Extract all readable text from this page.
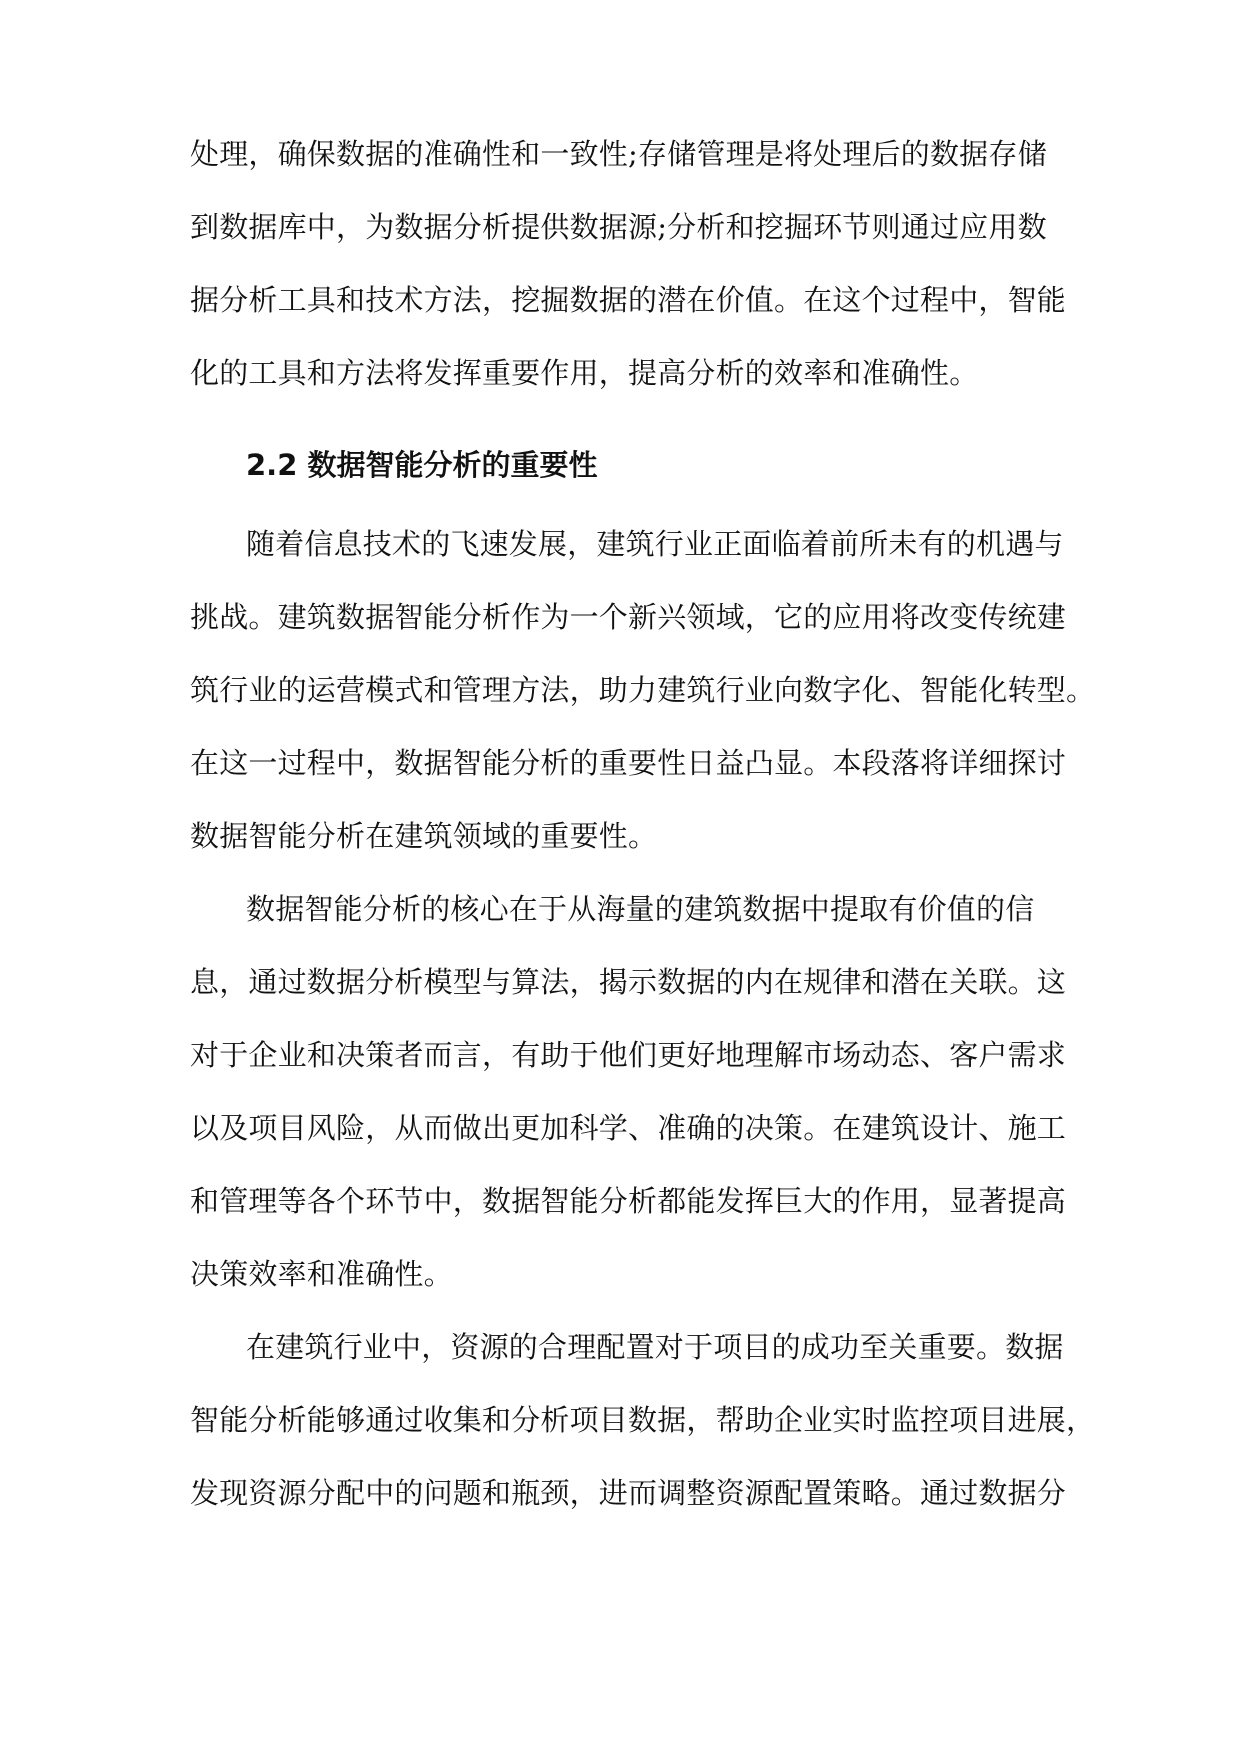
处理，确保数据的准确性和一致性;存储管理是将处理后的数据存储
到数据库中，为数据分析提供数据源;分析和挖掘环节则通过应用数
据分析工具和技术方法，挖掘数据的潜在价值。在这个过程中，智能
化的工具和方法将发挥重要作用，提高分析的效率和准确性。
2.2 数据智能分析的重要性
随着信息技术的飞速发展，建筑行业正面临着前所未有的机遇与
挑战。建筑数据智能分析作为一个新兴领域，它的应用将改变传统建
筑行业的运营模式和管理方法，助力建筑行业向数字化、智能化转型。
在这一过程中，数据智能分析的重要性日益凸显。本段落将详细探讨
数据智能分析在建筑领域的重要性。
数据智能分析的核心在于从海量的建筑数据中提取有价值的信
息，通过数据分析模型与算法，揭示数据的内在规律和潜在关联。这
对于企业和决策者而言，有助于他们更好地理解市场动态、客户需求
以及项目风险，从而做出更加科学、准确的决策。在建筑设计、施工
和管理等各个环节中，数据智能分析都能发挥巨大的作用，显著提高
决策效率和准确性。
在建筑行业中，资源的合理配置对于项目的成功至关重要。数据
智能分析能够通过收集和分析项目数据，帮助企业实时监控项目进展，
发现资源分配中的问题和瓶颈，进而调整资源配置策略。通过数据分
